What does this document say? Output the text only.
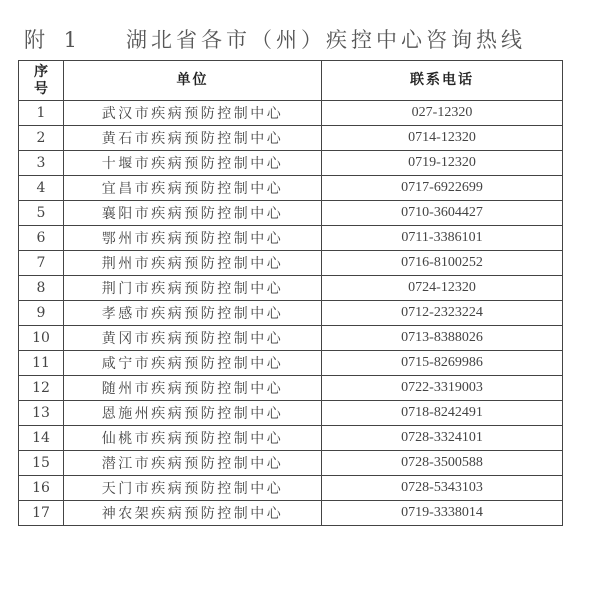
附 1 湖北省各市（州）疾控中心咨询热线
序
号	单位	联系电话
1	武汉市疾病预防控制中心	027-12320
2	黄石市疾病预防控制中心	0714-12320
3	十堰市疾病预防控制中心	0719-12320
4	宜昌市疾病预防控制中心	0717-6922699
5	襄阳市疾病预防控制中心	0710-3604427
6	鄂州市疾病预防控制中心	0711-3386101
7	荆州市疾病预防控制中心	0716-8100252
8	荆门市疾病预防控制中心	0724-12320
9	孝感市疾病预防控制中心	0712-2323224
10	黄冈市疾病预防控制中心	0713-8388026
11	咸宁市疾病预防控制中心	0715-8269986
12	随州市疾病预防控制中心	0722-3319003
13	恩施州疾病预防控制中心	0718-8242491
14	仙桃市疾病预防控制中心	0728-3324101
15	潜江市疾病预防控制中心	0728-3500588
16	天门市疾病预防控制中心	0728-5343103
17	神农架疾病预防控制中心	0719-3338014
